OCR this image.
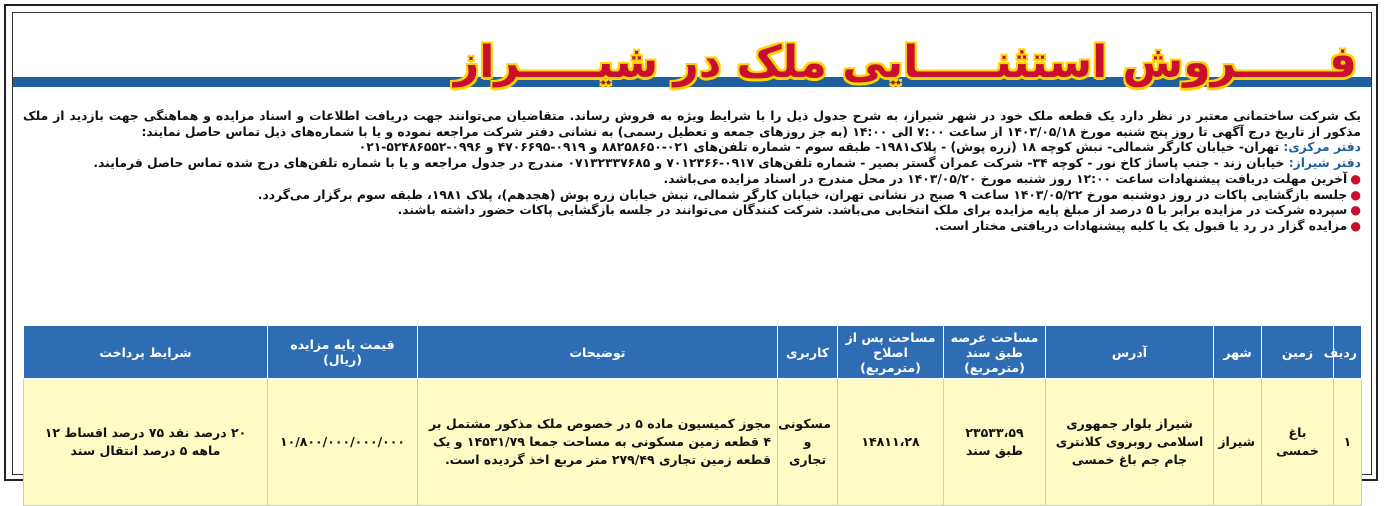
فــــــروش استثنـــــایی ملک در شیـــــراز

یک شرکت ساختمانی معتبر در نظر دارد یک قطعه ملک خود در شهر شیراز، به شرح جدول ذیل را با شرایط ویژه به فروش رساند. متقاضیان می‌توانند جهت دریافت اطلاعات و اسناد مزایده و هماهنگی جهت بازدید از ملک مذکور از تاریخ درج آگهی تا روز پنج شنبه مورخ ۱۴۰۳/۰۵/۱۸ از ساعت ۷:۰۰ الی ۱۴:۰۰ (به جز روزهای جمعه و تعطیل رسمی) به نشانی دفتر شرکت مراجعه نموده و یا با شماره‌های ذیل تماس حاصل نمایند:

دفتر مرکزی: تهران- خیابان کارگر شمالی- نبش کوچه ۱۸ (زره پوش) - پلاک۱۹۸۱- طبقه سوم - شماره تلفن‌های ۰۲۱-۸۸۲۵۸۶۵۰ و ۰۹۱۹-۴۷۰۶۶۹۵ و ۰۹۹۶-۵۲۴۸۶۵۵۲-۰۲۱

دفتر شیراز: خیابان زند - جنب پاساژ کاخ نور - کوچه ۳۴- شرکت عمران گستر بصیر - شماره تلفن‌های ۰۹۱۷-۷۰۱۲۳۶۶ و ۰۷۱۳۲۳۳۷۶۸۵ مندرج در جدول مراجعه و یا با شماره تلفن‌های درج شده تماس حاصل فرمایند.

●آخرین مهلت دریافت پیشنهادات ساعت ۱۲:۰۰ روز شنبه مورخ ۱۴۰۳/۰۵/۲۰ در محل مندرج در اسناد مزایده می‌باشد.

●جلسه بازگشایی پاکات در روز دوشنبه مورخ ۱۴۰۳/۰۵/۲۲ ساعت ۹ صبح در نشانی تهران، خیابان کارگر شمالی، نبش خیابان زره پوش (هجدهم)، پلاک ۱۹۸۱، طبقه سوم برگزار می‌گردد.

●سپرده شرکت در مزایده برابر با ۵ درصد از مبلغ پایه مزایده برای ملک انتخابی می‌باشد. شرکت کنندگان می‌توانند در جلسه بازگشایی پاکات حضور داشته باشند.

●مزایده گزار در رد یا قبول یک یا کلیه پیشنهادات دریافتی مختار است.

ردیف	زمین	شهر	آدرس	مساحت عرصه طبق سند (مترمربع)	مساحت پس از اصلاح (مترمربع)	کاربری	توضیحات	قیمت پایه مزایده (ریال)	شرایط پرداخت
۱	باغ خمسی	شیراز	شیراز بلوار جمهوری اسلامی روبروی کلانتری جام جم باغ خمسی	۲۳۵۳۳،۵۹ طبق سند	۱۴۸۱۱،۲۸	مسکونی و تجاری	مجوز کمیسیون ماده ۵ در خصوص ملک مذکور مشتمل بر ۴ قطعه زمین مسکونی به مساحت جمعا ۱۴۵۳۱/۷۹ و یک قطعه زمین تجاری ۲۷۹/۴۹ متر مربع اخذ گردیده است.	۱۰/۸۰۰/۰۰۰/۰۰۰/۰۰۰	۲۰ درصد نقد ۷۵ درصد اقساط ۱۲ ماهه ۵ درصد انتقال سند
